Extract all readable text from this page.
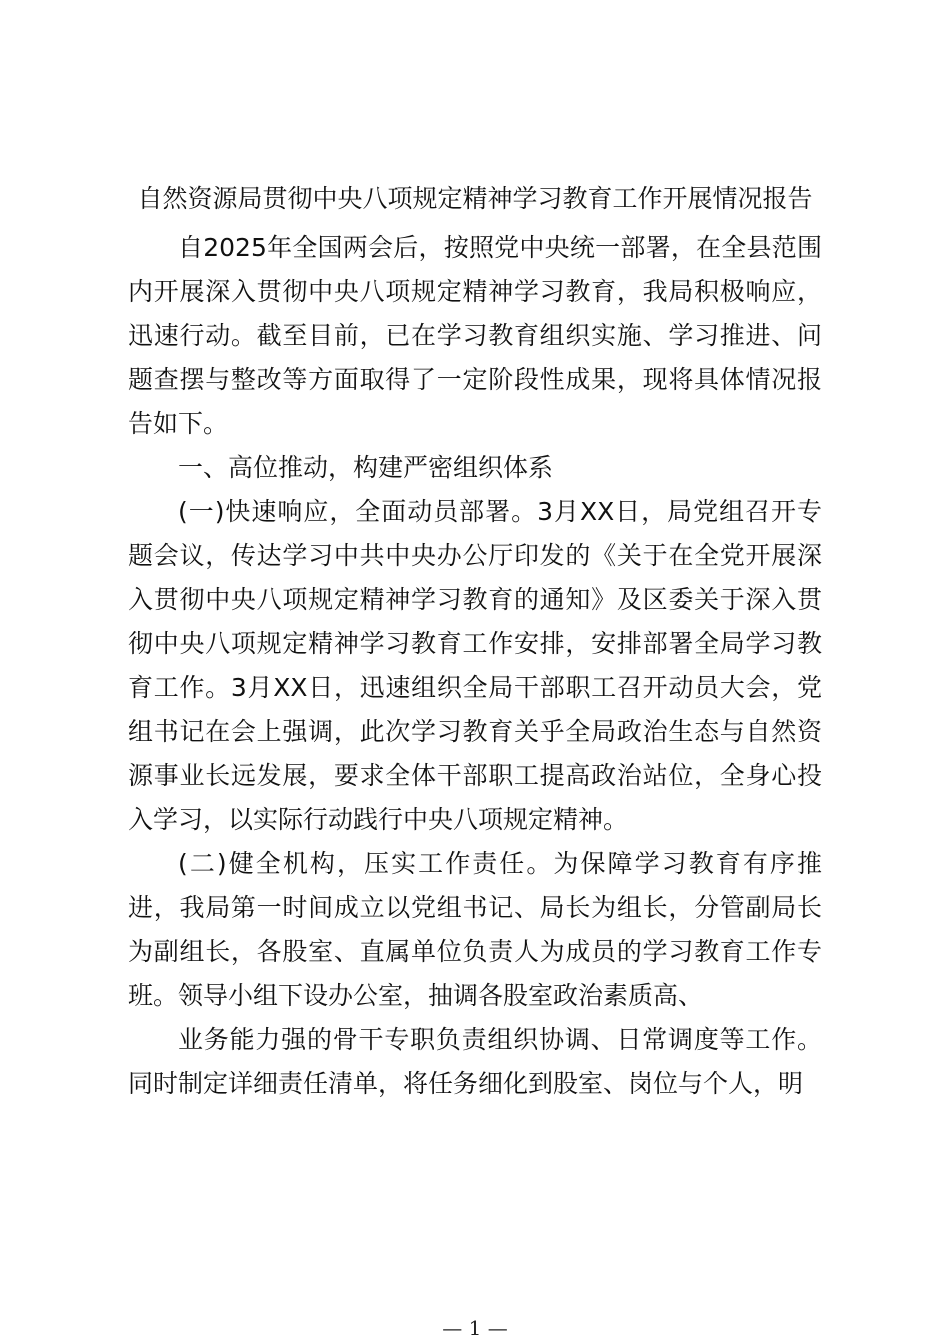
自然资源局贯彻中央八项规定精神学习教育工作开展情况报告

自2025年全国两会后，按照党中央统一部署，在全县范围内开展深入贯彻中央八项规定精神学习教育，我局积极响应，迅速行动。截至目前，已在学习教育组织实施、学习推进、问题查摆与整改等方面取得了一定阶段性成果，现将具体情况报告如下。

一、高位推动，构建严密组织体系

(一)快速响应，全面动员部署。3月XX日，局党组召开专题会议，传达学习中共中央办公厅印发的《关于在全党开展深入贯彻中央八项规定精神学习教育的通知》及区委关于深入贯彻中央八项规定精神学习教育工作安排，安排部署全局学习教育工作。3月XX日，迅速组织全局干部职工召开动员大会，党组书记在会上强调，此次学习教育关乎全局政治生态与自然资源事业长远发展，要求全体干部职工提高政治站位，全身心投入学习，以实际行动践行中央八项规定精神。

(二)健全机构，压实工作责任。为保障学习教育有序推进，我局第一时间成立以党组书记、局长为组长，分管副局长为副组长，各股室、直属单位负责人为成员的学习教育工作专班。领导小组下设办公室，抽调各股室政治素质高、

业务能力强的骨干专职负责组织协调、日常调度等工作。同时制定详细责任清单，将任务细化到股室、岗位与个人，明

— 1 —
